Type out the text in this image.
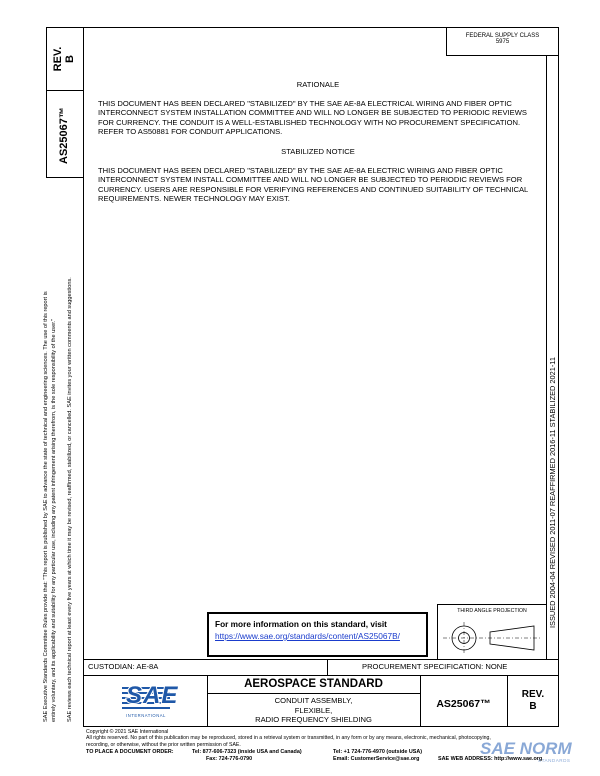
SAE Executive Standards Committee Rules provide that: "This report is published by SAE to advance the state of technical and engineering sciences. The use of this report is entirely voluntary, and its applicability and suitability for any particular use, including any patent infringement arising therefrom, is the sole responsibility of the user." SAE reviews each technical report at least every five years at which time it may be revised, reaffirmed, stabilized, or cancelled. SAE invites your written comments and suggestions.
REV. B
AS25067™
FEDERAL SUPPLY CLASS
5975
ISSUED 2004-04 REVISED 2011-07 REAFFIRMED 2016-11 STABILIZED 2021-11
RATIONALE
THIS DOCUMENT HAS BEEN DECLARED "STABILIZED" BY THE SAE AE-8A ELECTRICAL WIRING AND FIBER OPTIC INTERCONNECT SYSTEM INSTALLATION COMMITTEE AND WILL NO LONGER BE SUBJECTED TO PERIODIC REVIEWS FOR CURRENCY. THE CONDUIT IS A WELL-ESTABLISHED TECHNOLOGY WITH NO PROCUREMENT SPECIFICATION. REFER TO AS50881 FOR CONDUIT APPLICATIONS.
STABILIZED NOTICE
THIS DOCUMENT HAS BEEN DECLARED "STABILIZED" BY THE SAE AE-8A ELECTRIC WIRING AND FIBER OPTIC INTERCONNECT SYSTEM INSTALL COMMITTEE AND WILL NO LONGER BE SUBJECTED TO PERIODIC REVIEWS FOR CURRENCY. USERS ARE RESPONSIBLE FOR VERIFYING REFERENCES AND CONTINUED SUITABILITY OF TECHNICAL REQUIREMENTS. NEWER TECHNOLOGY MAY EXIST.
For more information on this standard, visit
https://www.sae.org/standards/content/AS25067B/
THIRD ANGLE PROJECTION
CUSTODIAN: AE-8A	PROCUREMENT SPECIFICATION: NONE
SAE
INTERNATIONAL
AEROSPACE STANDARD
CONDUIT ASSEMBLY,
FLEXIBLE,
RADIO FREQUENCY SHIELDING
AS25067™
REV.
B
Copyright © 2021 SAE International
All rights reserved. No part of this publication may be reproduced, stored in a retrieval system or transmitted, in any form or by any means, electronic, mechanical, photocopying,
recording, or otherwise, without the prior written permission of SAE.
TO PLACE A DOCUMENT ORDER:	Tel: 877-606-7323 (inside USA and Canada)
Fax: 724-776-0790
Tel: +1 724-776-4970 (outside USA)
Email: CustomerService@sae.org	SAE WEB ADDRESS: http://www.sae.org
SAE NORM
STANDARDS
